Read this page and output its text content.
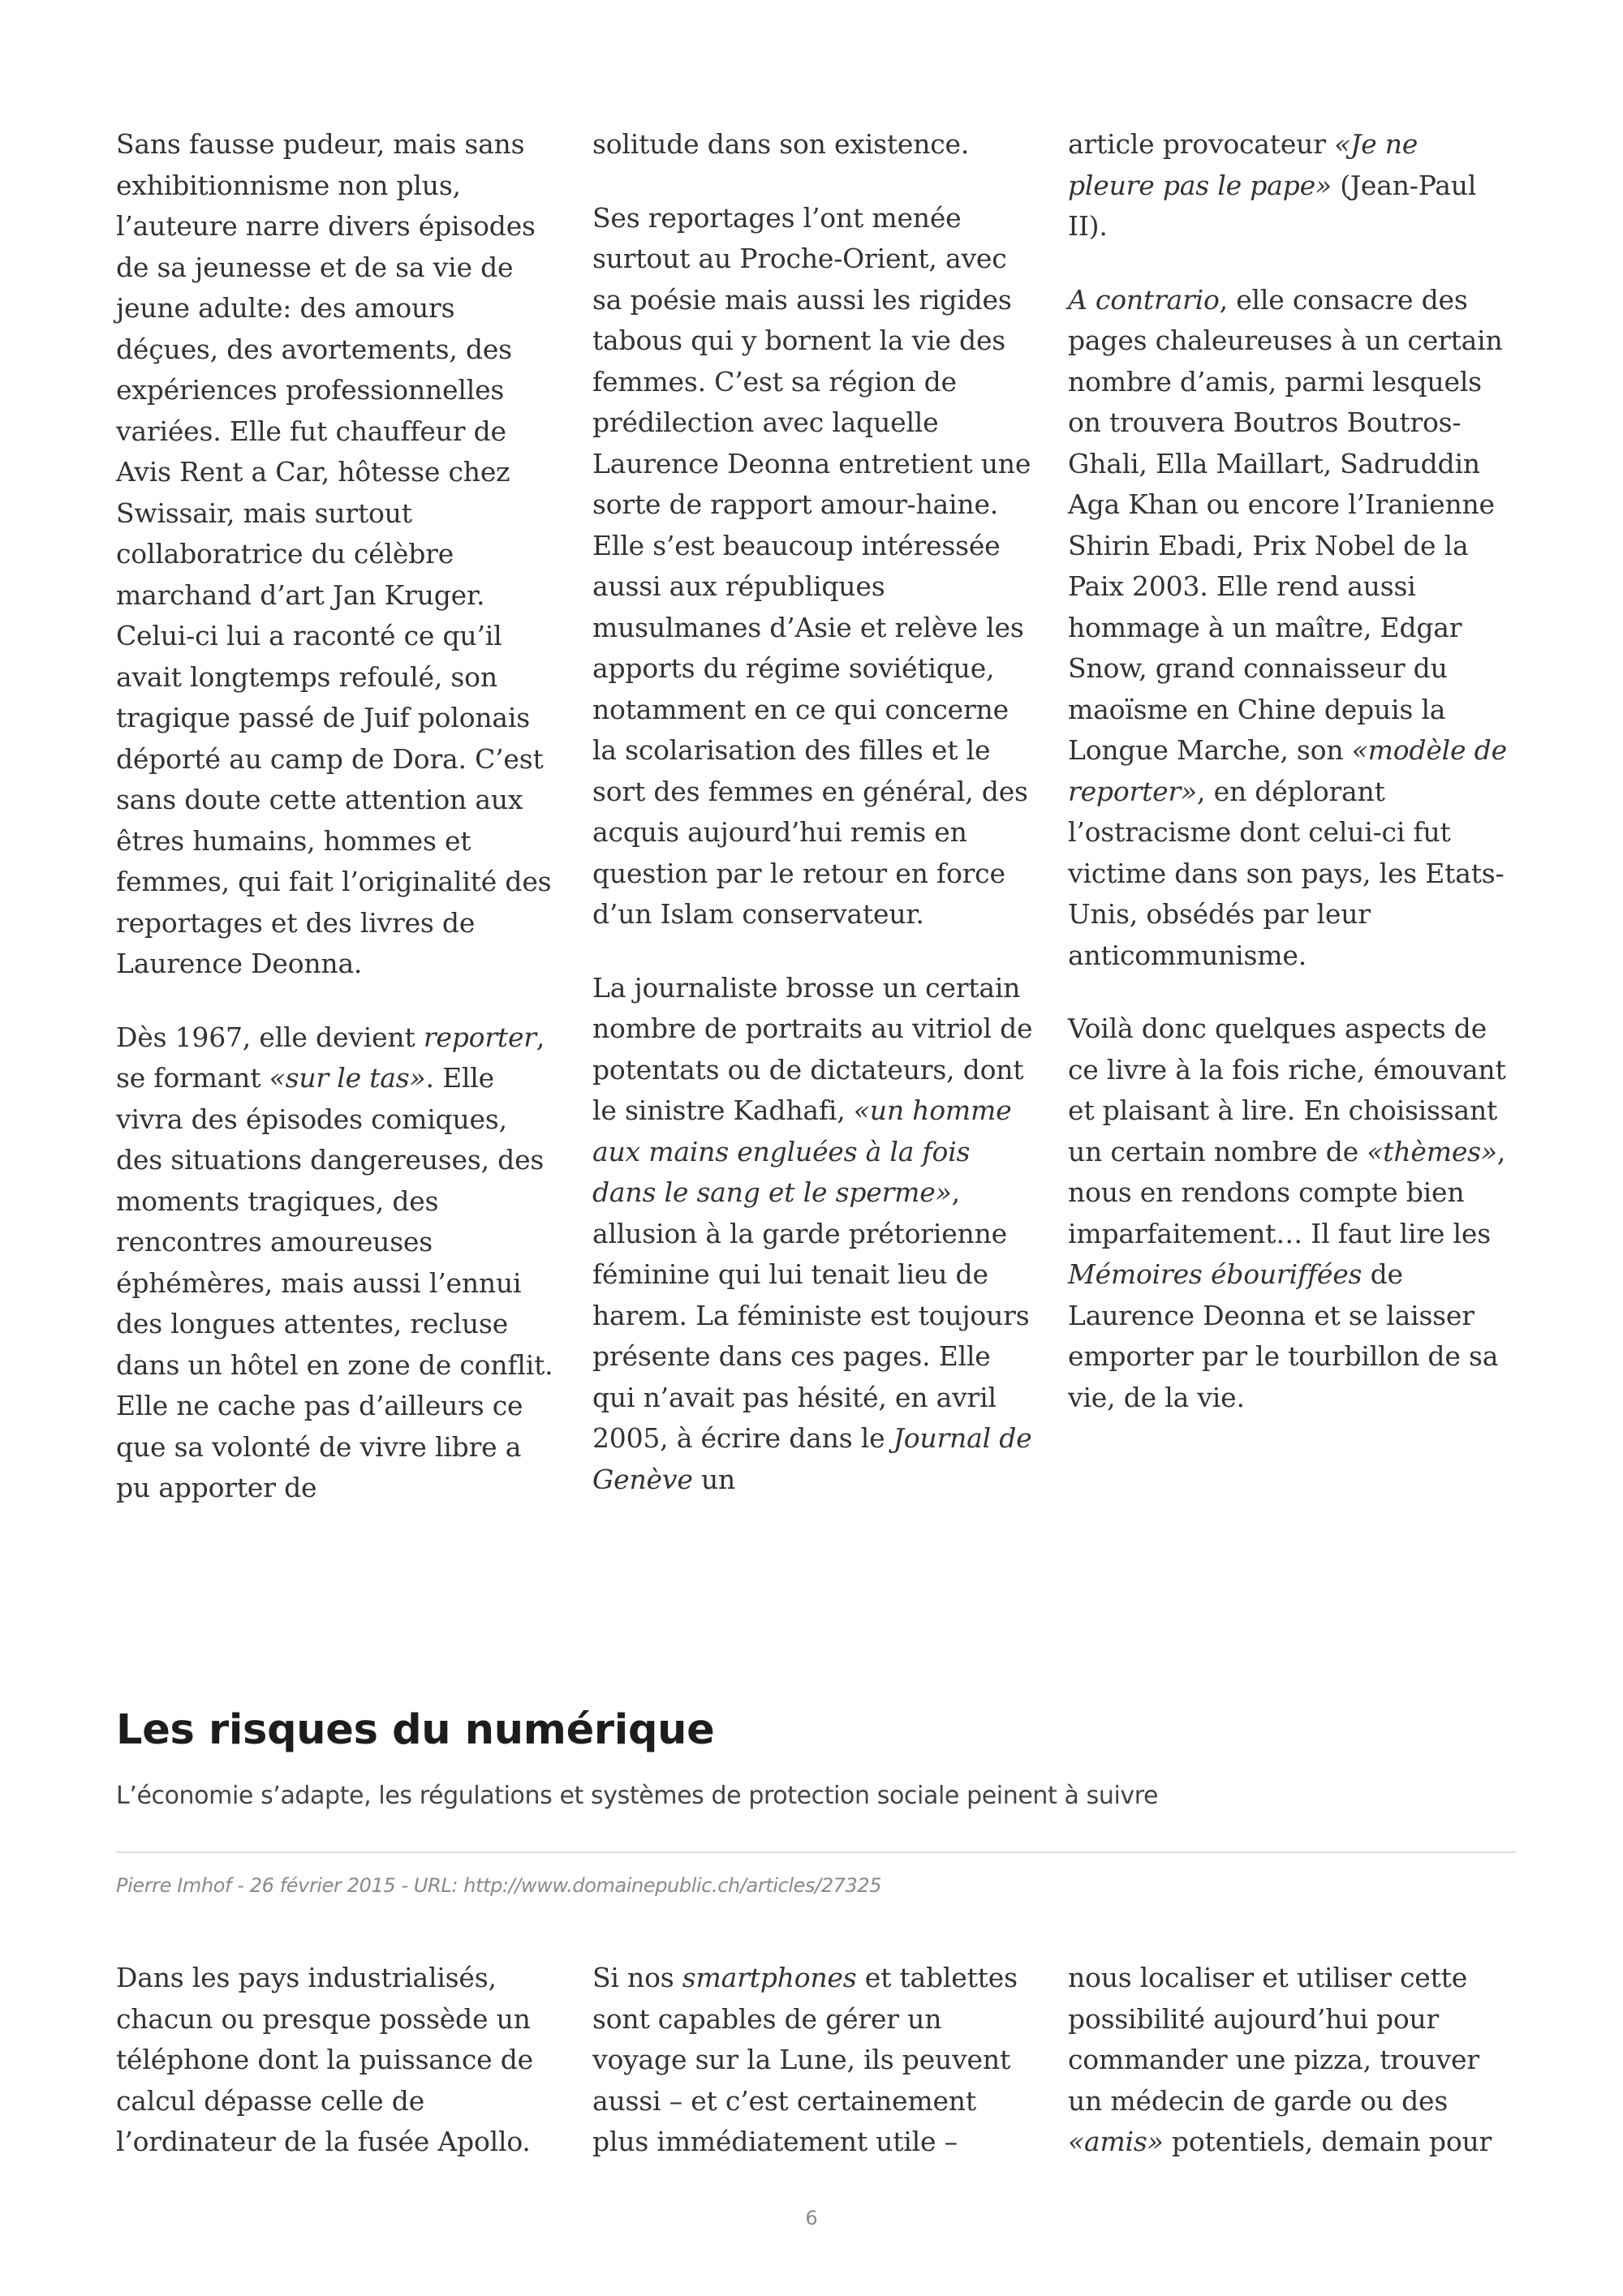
Sans fausse pudeur, mais sans exhibitionnisme non plus, l’auteure narre divers épisodes de sa jeunesse et de sa vie de jeune adulte: des amours déçues, des avortements, des expériences professionnelles variées. Elle fut chauffeur de Avis Rent a Car, hôtesse chez Swissair, mais surtout collaboratrice du célèbre marchand d’art Jan Kruger. Celui-ci lui a raconté ce qu’il avait longtemps refoulé, son tragique passé de Juif polonais déporté au camp de Dora. C’est sans doute cette attention aux êtres humains, hommes et femmes, qui fait l’originalité des reportages et des livres de Laurence Deonna.

Dès 1967, elle devient reporter, se formant «sur le tas». Elle vivra des épisodes comiques, des situations dangereuses, des moments tragiques, des rencontres amoureuses éphémères, mais aussi l’ennui des longues attentes, recluse dans un hôtel en zone de conflit. Elle ne cache pas d’ailleurs ce que sa volonté de vivre libre a pu apporter de

solitude dans son existence.

Ses reportages l’ont menée surtout au Proche-Orient, avec sa poésie mais aussi les rigides tabous qui y bornent la vie des femmes. C’est sa région de prédilection avec laquelle Laurence Deonna entretient une sorte de rapport amour-haine. Elle s’est beaucoup intéressée aussi aux républiques musulmanes d’Asie et relève les apports du régime soviétique, notamment en ce qui concerne la scolarisation des filles et le sort des femmes en général, des acquis aujourd’hui remis en question par le retour en force d’un Islam conservateur.

La journaliste brosse un certain nombre de portraits au vitriol de potentats ou de dictateurs, dont le sinistre Kadhafi, «un homme aux mains engluées à la fois dans le sang et le sperme», allusion à la garde prétorienne féminine qui lui tenait lieu de harem. La féministe est toujours présente dans ces pages. Elle qui n’avait pas hésité, en avril 2005, à écrire dans le Journal de Genève un

article provocateur «Je ne pleure pas le pape» (Jean-Paul II).

A contrario, elle consacre des pages chaleureuses à un certain nombre d’amis, parmi lesquels on trouvera Boutros Boutros-Ghali, Ella Maillart, Sadruddin Aga Khan ou encore l’Iranienne Shirin Ebadi, Prix Nobel de la Paix 2003. Elle rend aussi hommage à un maître, Edgar Snow, grand connaisseur du maoïsme en Chine depuis la Longue Marche, son «modèle de reporter», en déplorant l’ostracisme dont celui-ci fut victime dans son pays, les Etats-Unis, obsédés par leur anticommunisme.

Voilà donc quelques aspects de ce livre à la fois riche, émouvant et plaisant à lire. En choisissant un certain nombre de «thèmes», nous en rendons compte bien imparfaitement… Il faut lire les Mémoires ébouriffées de Laurence Deonna et se laisser emporter par le tourbillon de sa vie, de la vie.

Les risques du numérique

L’économie s’adapte, les régulations et systèmes de protection sociale peinent à suivre

Pierre Imhof - 26 février 2015 - URL: http://www.domainepublic.ch/articles/27325

Dans les pays industrialisés, chacun ou presque possède un téléphone dont la puissance de calcul dépasse celle de l’ordinateur de la fusée Apollo.

Si nos smartphones et tablettes sont capables de gérer un voyage sur la Lune, ils peuvent aussi – et c’est certainement plus immédiatement utile –

nous localiser et utiliser cette possibilité aujourd’hui pour commander une pizza, trouver un médecin de garde ou des «amis» potentiels, demain pour

6
